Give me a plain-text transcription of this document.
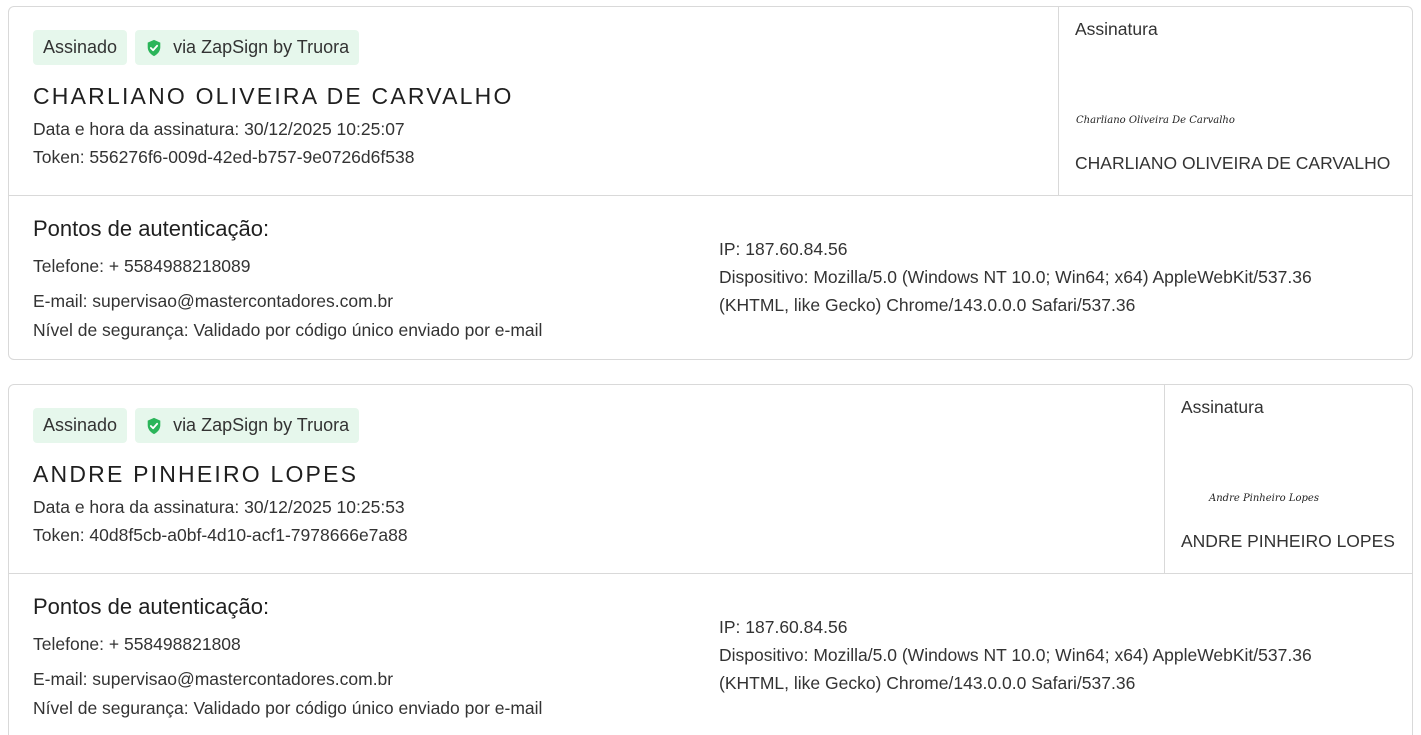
Assinado	via ZapSign by Truora
CHARLIANO OLIVEIRA DE CARVALHO
Data e hora da assinatura: 30/12/2025 10:25:07
Token: 556276f6-009d-42ed-b757-9e0726d6f538
Assinatura
Charliano Oliveira De Carvalho
CHARLIANO OLIVEIRA DE CARVALHO
Pontos de autenticação:
Telefone: + 5584988218089
E-mail: supervisao@mastercontadores.com.br
Nível de segurança: Validado por código único enviado por e-mail
IP: 187.60.84.56
Dispositivo: Mozilla/5.0 (Windows NT 10.0; Win64; x64) AppleWebKit/537.36
(KHTML, like Gecko) Chrome/143.0.0.0 Safari/537.36
Assinado	via ZapSign by Truora
ANDRE PINHEIRO LOPES
Data e hora da assinatura: 30/12/2025 10:25:53
Token: 40d8f5cb-a0bf-4d10-acf1-7978666e7a88
Assinatura
Andre Pinheiro Lopes
ANDRE PINHEIRO LOPES
Pontos de autenticação:
Telefone: + 558498821808
E-mail: supervisao@mastercontadores.com.br
Nível de segurança: Validado por código único enviado por e-mail
IP: 187.60.84.56
Dispositivo: Mozilla/5.0 (Windows NT 10.0; Win64; x64) AppleWebKit/537.36
(KHTML, like Gecko) Chrome/143.0.0.0 Safari/537.36
